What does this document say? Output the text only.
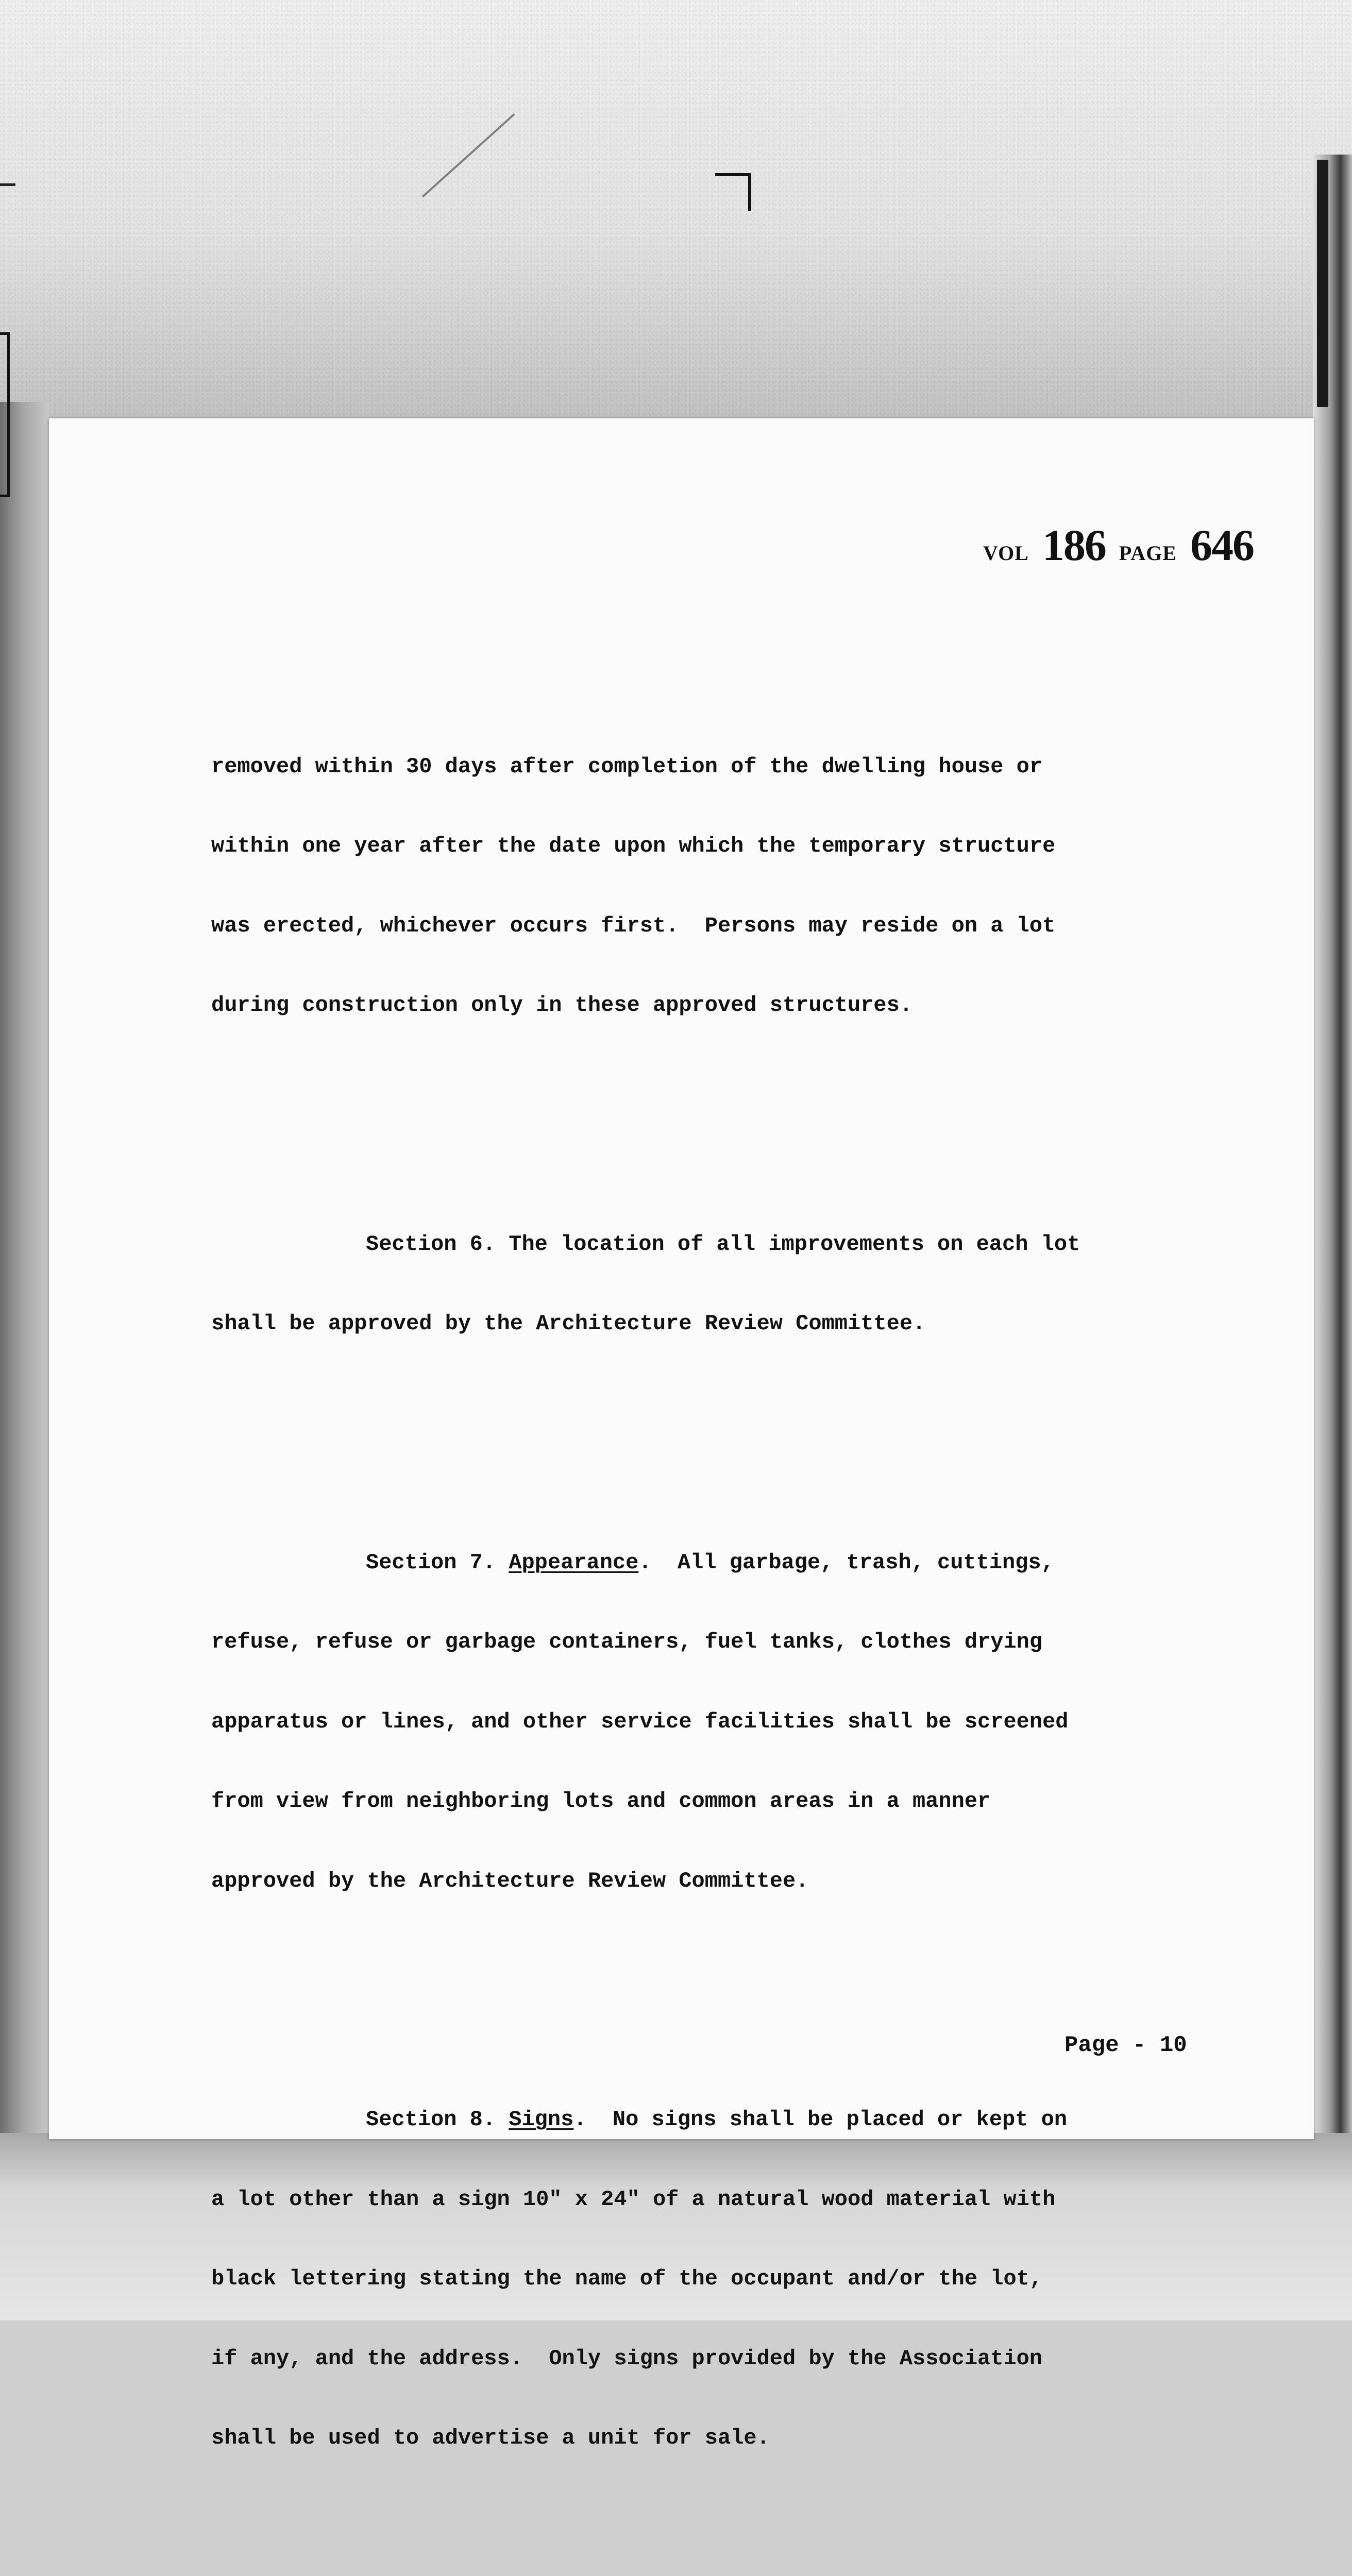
VOL 186 PAGE 646

removed within 30 days after completion of the dwelling house or

within one year after the date upon which the temporary structure

was erected, whichever occurs first.  Persons may reside on a lot

during construction only in these approved structures.

Section 6. The location of all improvements on each lot

shall be approved by the Architecture Review Committee.

Section 7. Appearance.  All garbage, trash, cuttings,

refuse, refuse or garbage containers, fuel tanks, clothes drying

apparatus or lines, and other service facilities shall be screened

from view from neighboring lots and common areas in a manner

approved by the Architecture Review Committee.

Section 8. Signs.  No signs shall be placed or kept on

a lot other than a sign 10" x 24" of a natural wood material with

black lettering stating the name of the occupant and/or the lot,

if any, and the address.  Only signs provided by the Association

shall be used to advertise a unit for sale.

Page - 10
